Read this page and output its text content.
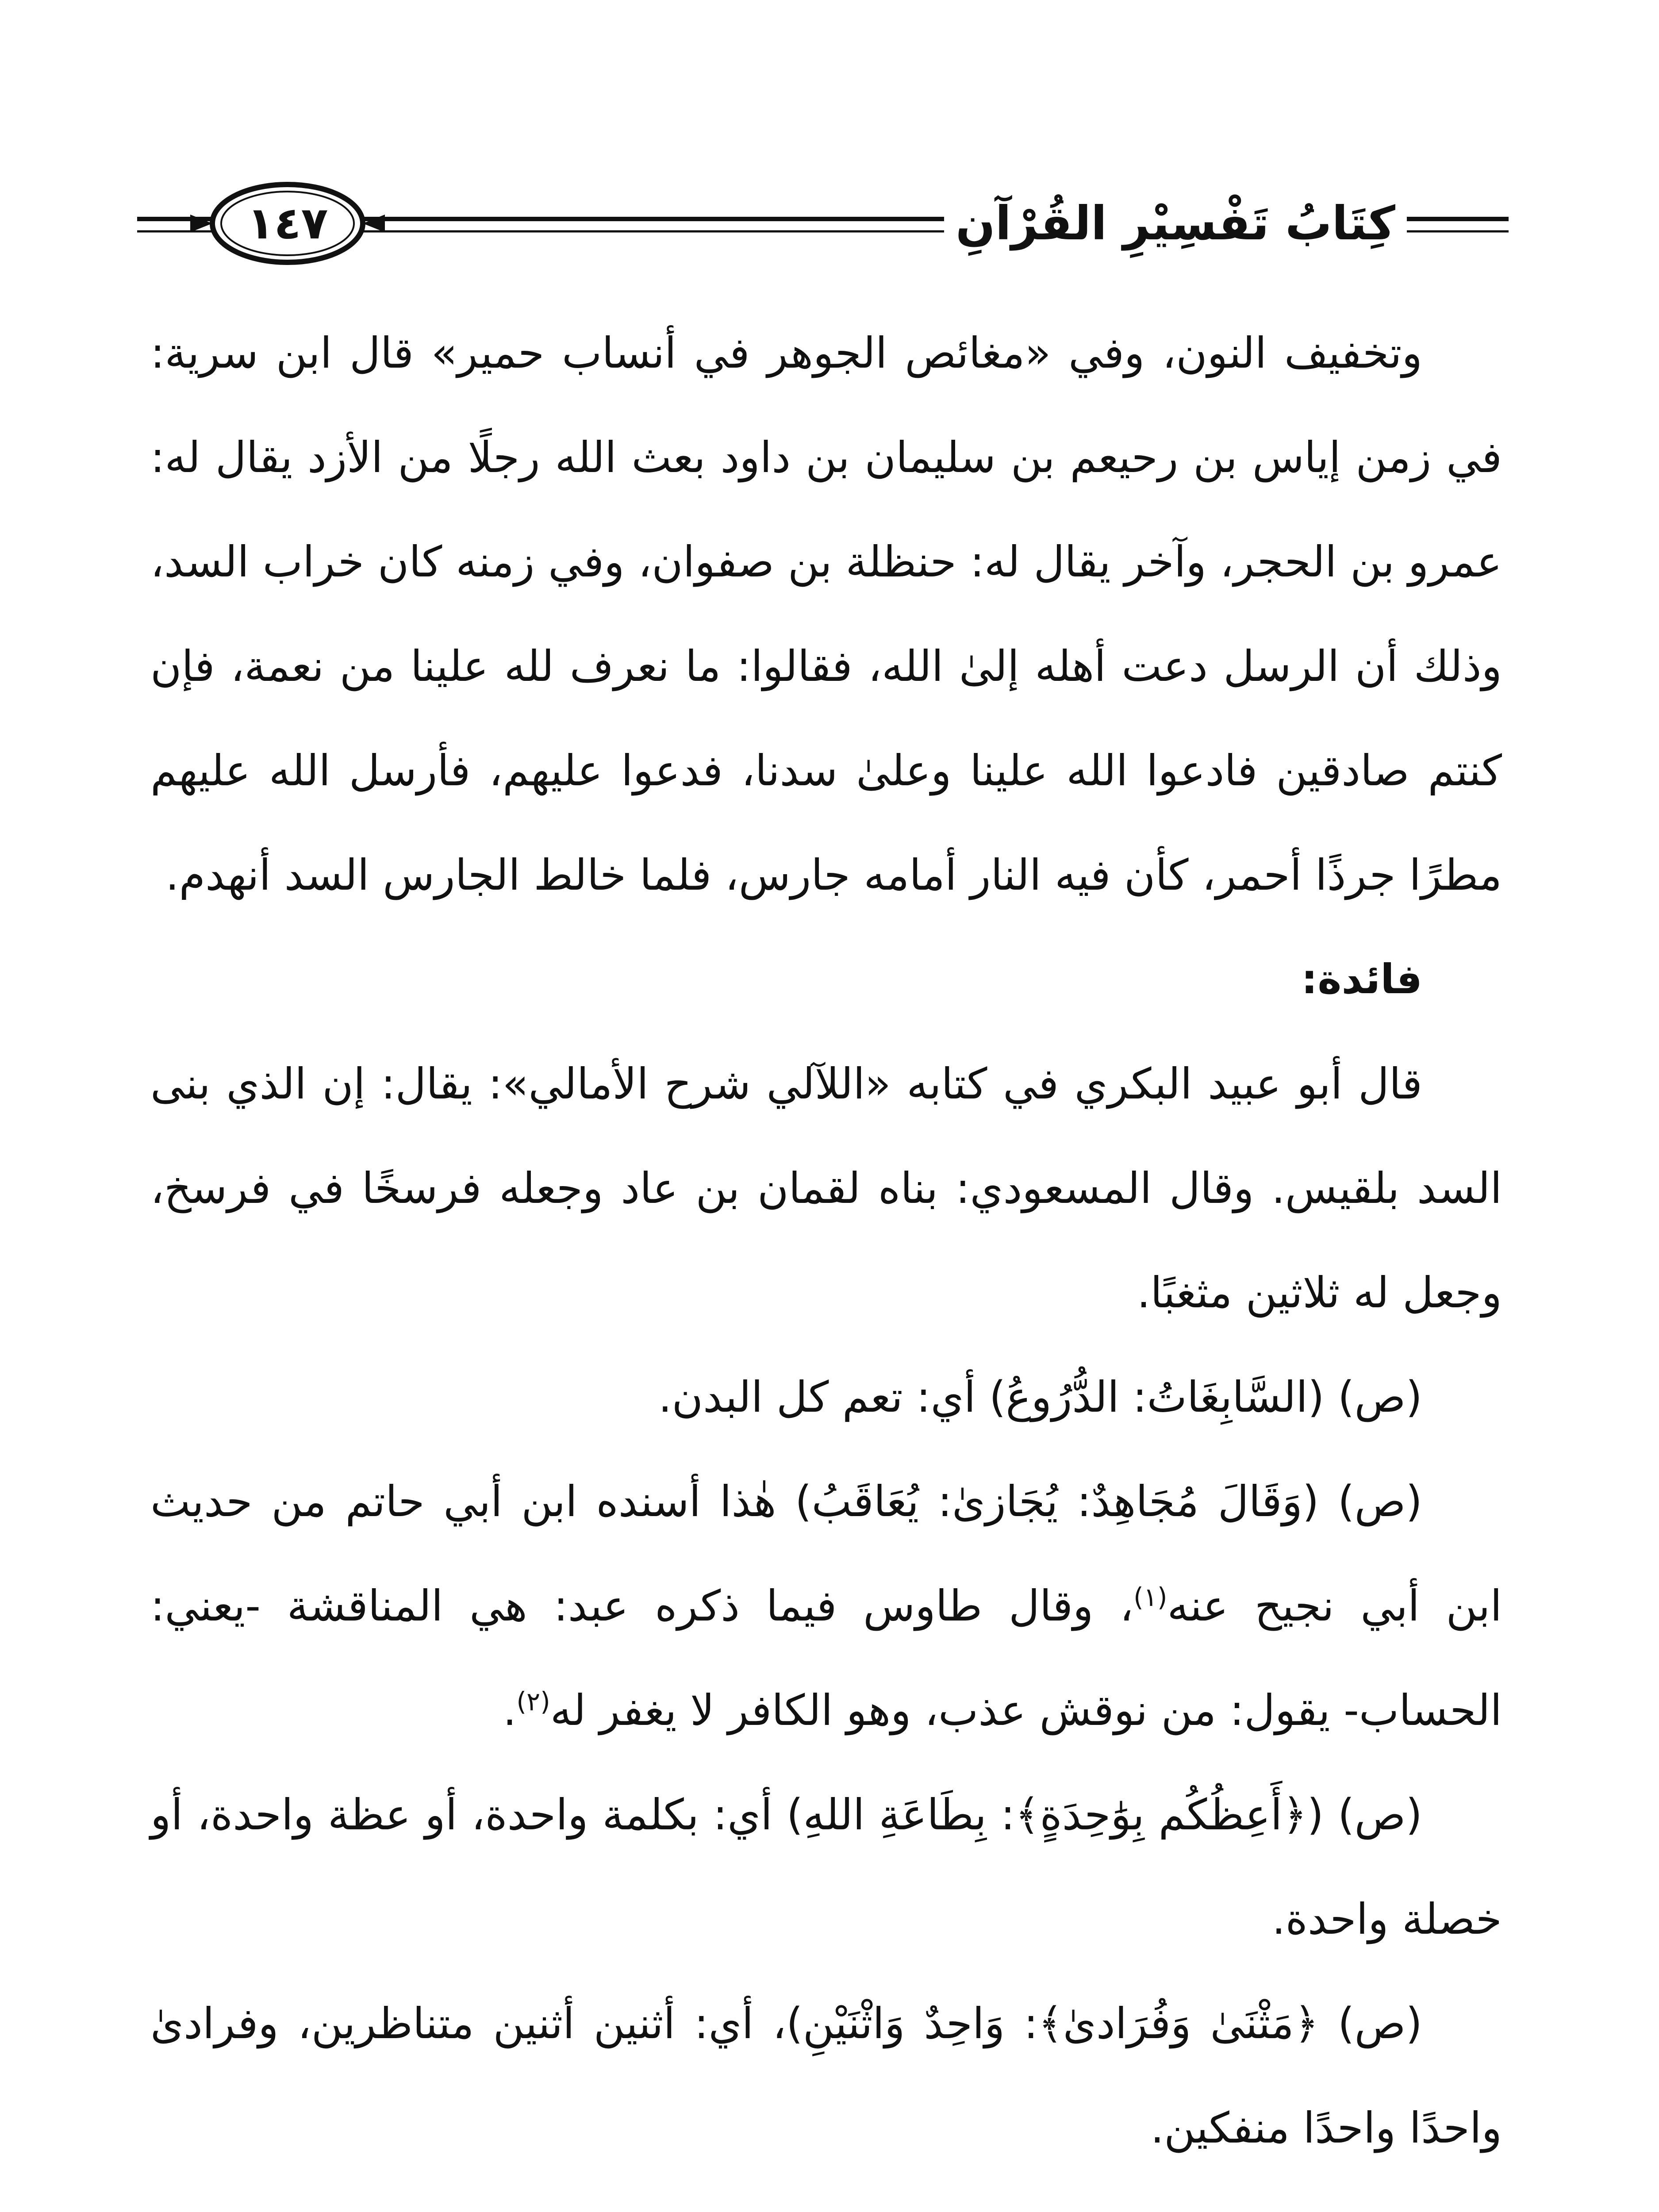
١٤٧	كِتَابُ تَفْسِيْرِ القُرْآنِ

وتخفيف النون، وفي «مغائص الجوهر في أنساب حمير» قال ابن سرية: في زمن إياس بن رحيعم بن سليمان بن داود بعث الله رجلًا من الأزد يقال له: عمرو بن الحجر، وآخر يقال له: حنظلة بن صفوان، وفي زمنه كان خراب السد، وذلك أن الرسل دعت أهله إلىٰ الله، فقالوا: ما نعرف لله علينا من نعمة، فإن كنتم صادقين فادعوا الله علينا وعلىٰ سدنا، فدعوا عليهم، فأرسل الله عليهم مطرًا جرذًا أحمر، كأن فيه النار أمامه جارس، فلما خالط الجارس السد أنهدم.

فائدة:

قال أبو عبيد البكري في كتابه «اللآلي شرح الأمالي»: يقال: إن الذي بنى السد بلقيس. وقال المسعودي: بناه لقمان بن عاد وجعله فرسخًا في فرسخ، وجعل له ثلاثين مثغبًا.

(ص) (السَّابِغَاتُ: الدُّرُوعُ) أي: تعم كل البدن.

(ص) (وَقَالَ مُجَاهِدٌ: يُجَازىٰ: يُعَاقَبُ) هٰذا أسنده ابن أبي حاتم من حديث ابن أبي نجيح عنه$^{(١)}$، وقال طاوس فيما ذكره عبد: هي المناقشة -يعني: الحساب- يقول: من نوقش عذب، وهو الكافر لا يغفر له$^{(٢)}$.

(ص) (﴿أَعِظُكُم بِوَٰحِدَةٍ﴾: بِطَاعَةِ اللهِ) أي: بكلمة واحدة، أو عظة واحدة، أو خصلة واحدة.

(ص) ﴿مَثْنَىٰ وَفُرَادىٰ﴾: وَاحِدٌ وَاثْنَيْنِ)، أي: أثنين أثنين متناظرين، وفرادىٰ واحدًا واحدًا منفكين.
